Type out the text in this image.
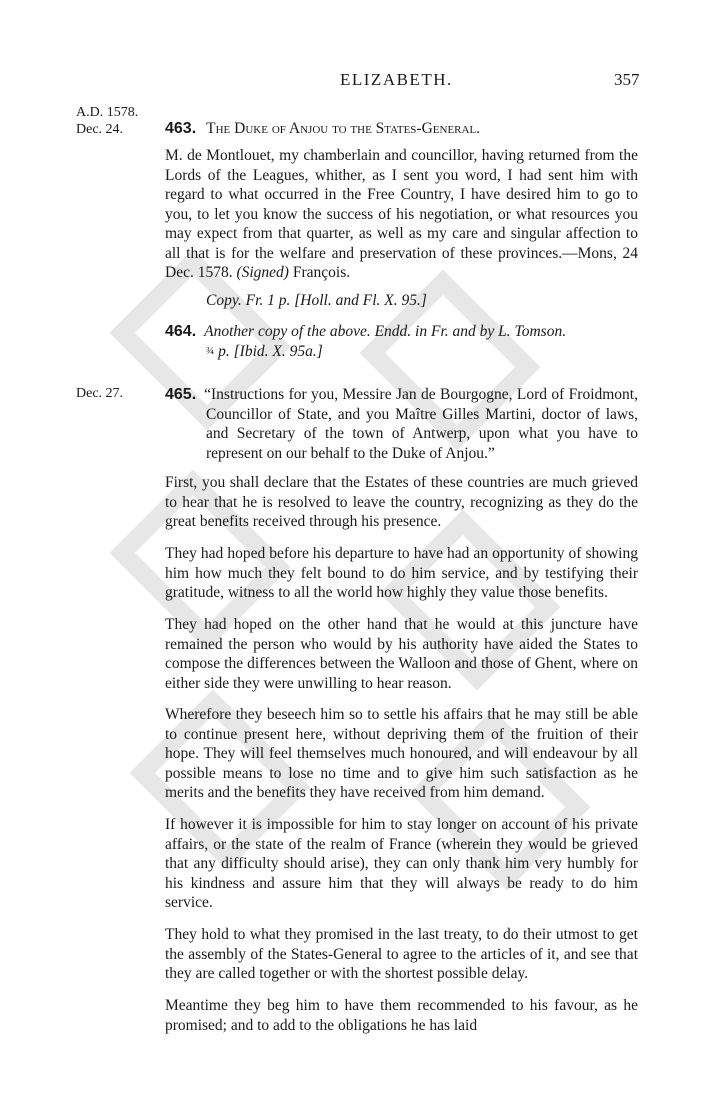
ELIZABETH.	357
A.D. 1578.
Dec. 24.
Dec. 27.
463. The Duke of Anjou to the States-General.

M. de Montlouet, my chamberlain and councillor, having returned from the Lords of the Leagues, whither, as I sent you word, I had sent him with regard to what occurred in the Free Country, I have desired him to go to you, to let you know the success of his negotiation, or what resources you may expect from that quarter, as well as my care and singular affection to all that is for the welfare and preservation of these provinces.—Mons, 24 Dec. 1578. (Signed) François.

Copy. Fr. 1 p. [Holl. and Fl. X. 95.]
464. Another copy of the above. Endd. in Fr. and by L. Tomson.
¾ p. [Ibid. X. 95a.]
465. “Instructions for you, Messire Jan de Bourgogne, Lord of Froidmont, Councillor of State, and you Maître Gilles Martini, doctor of laws, and Secretary of the town of Antwerp, upon what you have to represent on our behalf to the Duke of Anjou.”

First, you shall declare that the Estates of these countries are much grieved to hear that he is resolved to leave the country, recognizing as they do the great benefits received through his presence.

They had hoped before his departure to have had an opportunity of showing him how much they felt bound to do him service, and by testifying their gratitude, witness to all the world how highly they value those benefits.

They had hoped on the other hand that he would at this juncture have remained the person who would by his authority have aided the States to compose the differences between the Walloon and those of Ghent, where on either side they were unwilling to hear reason.

Wherefore they beseech him so to settle his affairs that he may still be able to continue present here, without depriving them of the fruition of their hope. They will feel themselves much honoured, and will endeavour by all possible means to lose no time and to give him such satisfaction as he merits and the benefits they have received from him demand.

If however it is impossible for him to stay longer on account of his private affairs, or the state of the realm of France (wherein they would be grieved that any difficulty should arise), they can only thank him very humbly for his kindness and assure him that they will always be ready to do him service.

They hold to what they promised in the last treaty, to do their utmost to get the assembly of the States-General to agree to the articles of it, and see that they are called together or with the shortest possible delay.

Meantime they beg him to have them recommended to his favour, as he promised; and to add to the obligations he has laid
